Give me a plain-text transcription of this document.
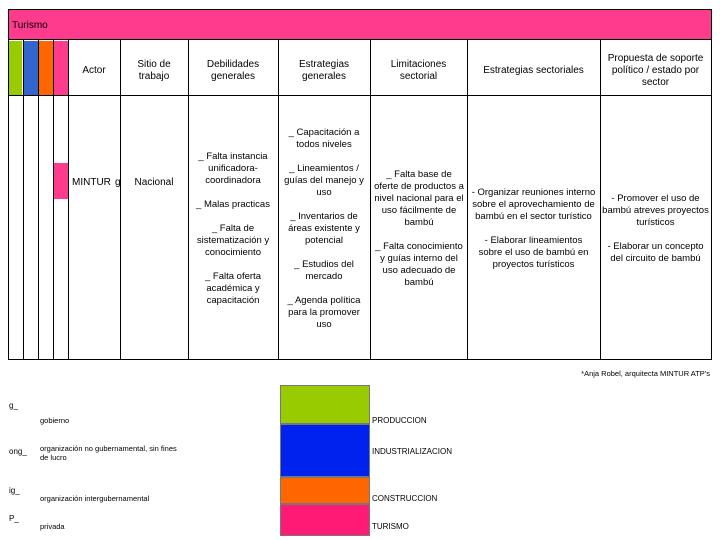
Turismo
Actor
Sitio de
trabajo
Debilidades
generales
Estrategias
generales
Limitaciones
sectorial
Estrategias sectoriales
Propuesta de soporte
político / estado por
sector
MINTUR g	Nacional
_ Falta instancia
unificadora-
coordinadora

_ Malas practicas

_ Falta de
sistematización y
conocimiento

_ Falta oferta
académica y
capacitación
_ Capacitación a
todos niveles

_ Lineamientos /
guías del manejo y
uso

_ Inventarios de
áreas existente y
potencial

_ Estudios del
mercado

_ Agenda política
para la promover
uso
_ Falta base de
oferte de productos a
nivel nacional para el
uso fácilmente de
bambú

_ Falta conocimiento
y guías interno del
uso adecuado de
bambú
- Organizar reuniones interno
sobre el aprovechamiento de
bambú en el sector turístico

- Elaborar lineamientos
sobre el uso de bambú en
proyectos turísticos
- Promover el uso de
bambú atreves proyectos
turísticos

- Elaborar un concepto
del circuito de bambú
*Anja Robel, arquitecta MINTUR ATP's
g_
gobierno
ong_ organización no gubernamental, sin fines
de lucro
ig_
organización intergubernamental
P_
privada
PRODUCCION
INDUSTRIALIZACION
CONSTRUCCION
TURISMO
